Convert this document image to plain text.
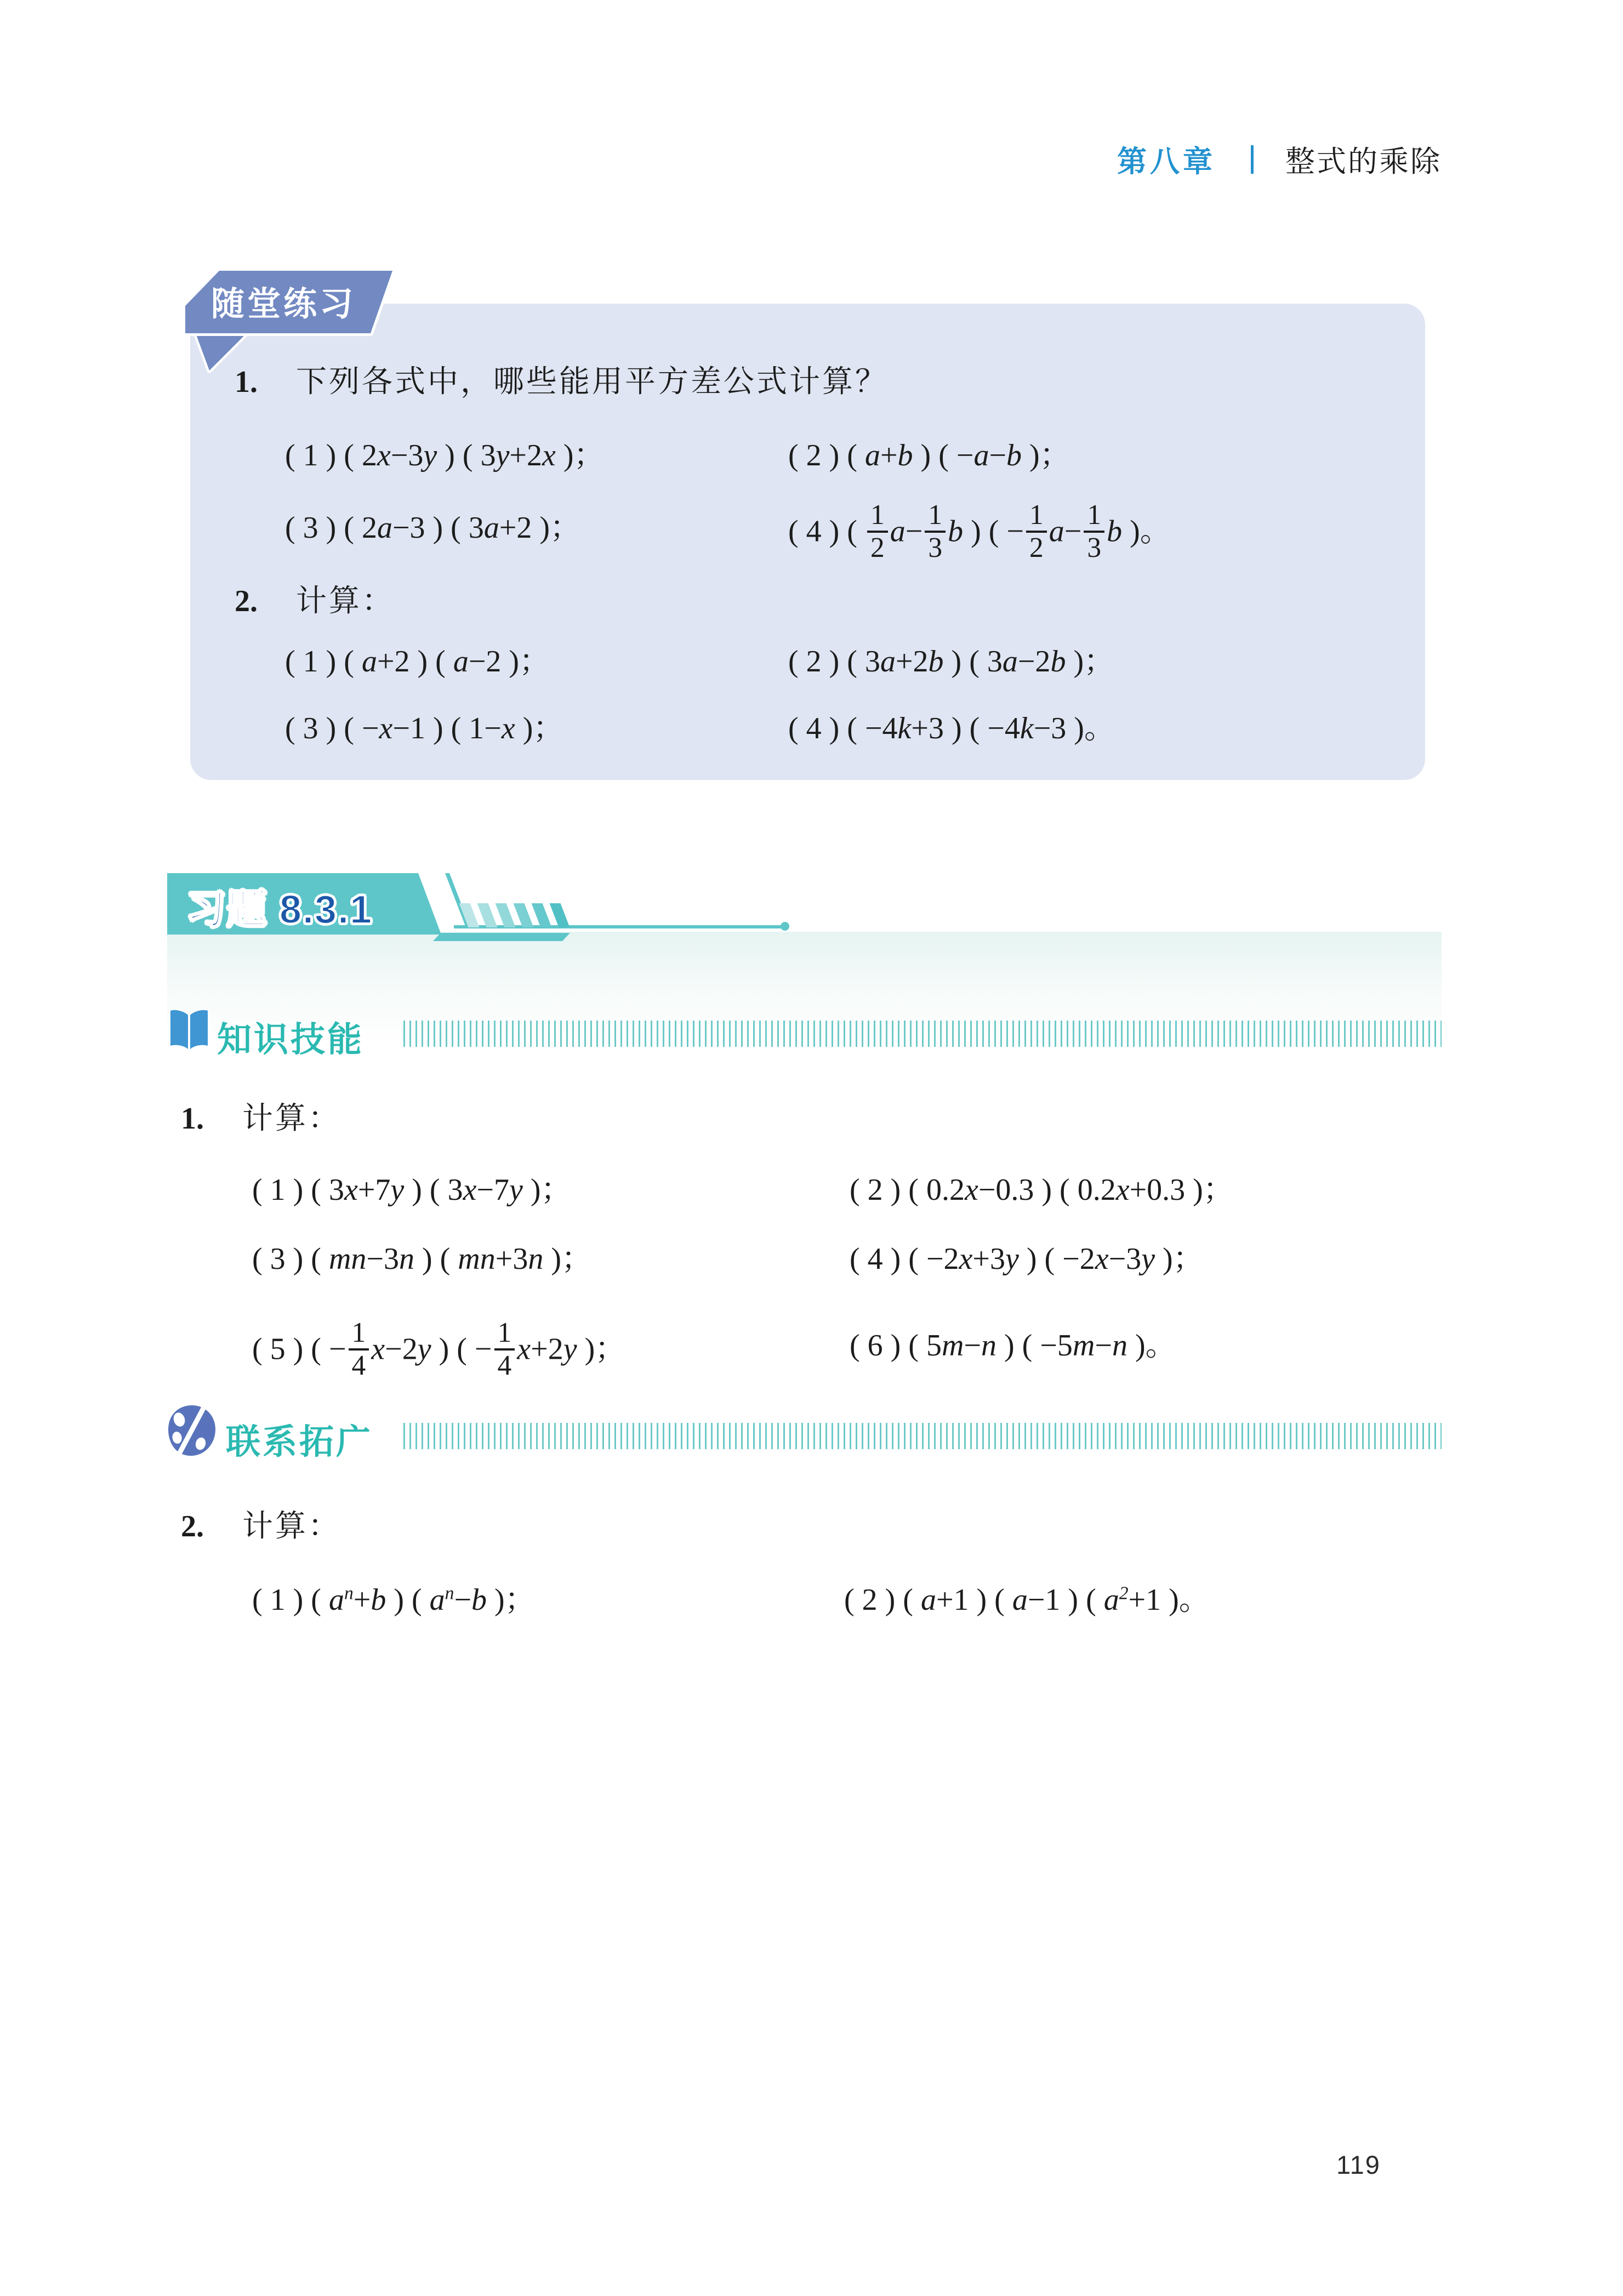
第八章 整式的乘除
随堂练习
1. 下列各式中，哪些能用平方差公式计算？
( 1 ) ( 2x−3y ) ( 3y+2x )；	( 2 ) ( a+b ) ( −a−b )；
( 3 ) ( 2a−3 ) ( 3a+2 )；	( 4 ) ( $\frac{1}{2} a- \frac{1}{3}$ b ) ( − $\frac{1}{2} a- \frac{1}{3}$ b )。
2. 计算：
( 1 ) ( a+2 ) ( a−2 )；	( 2 ) ( 3a+2b ) ( 3a−2b )；
( 3 ) ( −x−1 ) ( 1−x )；	( 4 ) ( −4k+3 ) ( −4k−3 )。
习题 8.3.1
知识技能
1. 计算：
( 1 ) ( 3x+7y ) ( 3x−7y )；	( 2 ) ( 0.2x−0.3 ) ( 0.2x+0.3 )；
( 3 ) ( mn−3n ) ( mn+3n )；	( 4 ) ( −2x+3y ) ( −2x−3y )；
( 5 ) ( − $\frac{1}{4} x-2y$ ) ( − $\frac{1}{4} x+2y$ )；	( 6 ) ( 5m−n ) ( −5m−n )。
联系拓广
2. 计算：
( 1 ) ( $a^n+b$ ) ( $a^n-b$ )；	( 2 ) ( a+1 ) ( a−1 ) ( $a^2+1$ )。
119
